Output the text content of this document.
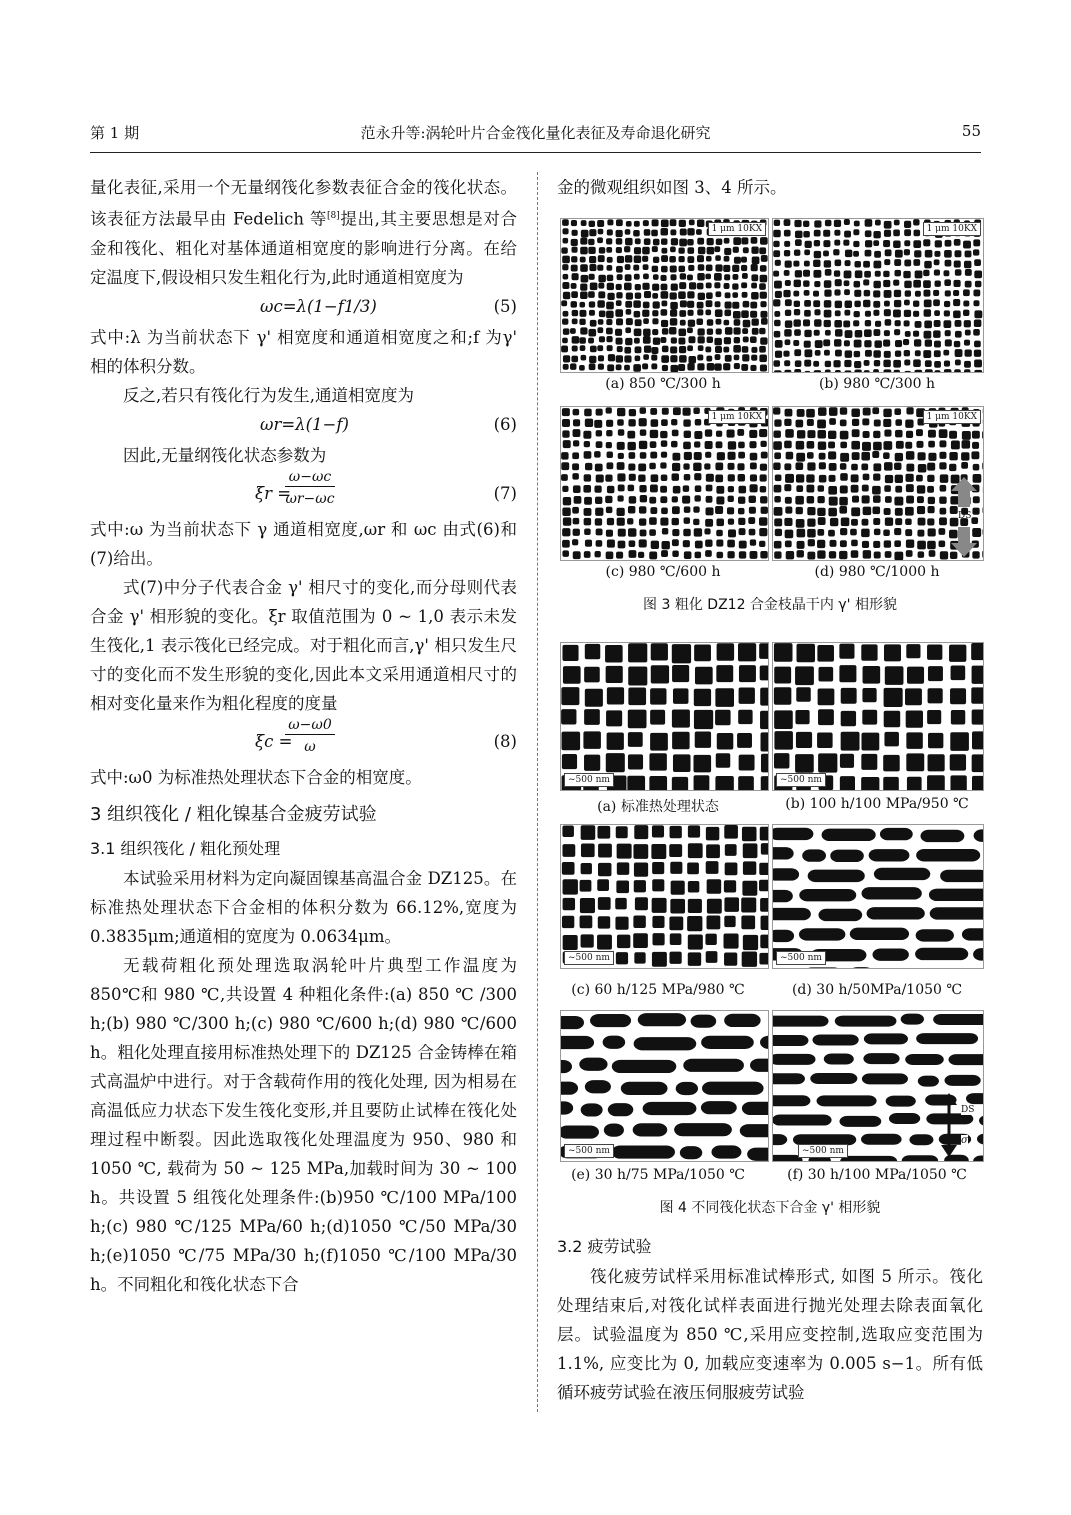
第 1 期	范永升等:涡轮叶片合金筏化量化表征及寿命退化研究	55

量化表征,采用一个无量纲筏化参数表征合金的筏化状态。该表征方法最早由 Fedelich 等[8]提出,其主要思想是对合金和筏化、粗化对基体通道相宽度的影响进行分离。在给定温度下,假设相只发生粗化行为,此时通道相宽度为

ωc=λ(1−f1/3)	(5)

式中:λ 为当前状态下 γ' 相宽度和通道相宽度之和;f 为γ' 相的体积分数。

反之,若只有筏化行为发生,通道相宽度为

ωr=λ(1−f)	(6)

因此,无量纲筏化状态参数为

ξr =
ω−ωc
ωr−ωc	(7)

式中:ω 为当前状态下 γ 通道相宽度,ωr 和 ωc 由式(6)和(7)给出。

式(7)中分子代表合金 γ' 相尺寸的变化,而分母则代表合金 γ' 相形貌的变化。ξr 取值范围为 0 ~ 1,0 表示未发生筏化,1 表示筏化已经完成。对于粗化而言,γ' 相只发生尺寸的变化而不发生形貌的变化,因此本文采用通道相尺寸的相对变化量来作为粗化程度的度量

ξc =
ω−ω0
ω	(8)

式中:ω0 为标准热处理状态下合金的相宽度。

3 组织筏化 / 粗化镍基合金疲劳试验
3.1 组织筏化 / 粗化预处理

本试验采用材料为定向凝固镍基高温合金 DZ125。在标准热处理状态下合金相的体积分数为 66.12%,宽度为 0.3835μm;通道相的宽度为 0.0634μm。

无载荷粗化预处理选取涡轮叶片典型工作温度为 850℃和 980 ℃,共设置 4 种粗化条件:(a) 850 ℃ /300 h;(b) 980 ℃/300 h;(c) 980 ℃/600 h;(d) 980 ℃/600 h。粗化处理直接用标准热处理下的 DZ125 合金铸棒在箱式高温炉中进行。对于含载荷作用的筏化处理, 因为相易在高温低应力状态下发生筏化变形,并且要防止试棒在筏化处理过程中断裂。因此选取筏化处理温度为 950、980 和 1050 ℃, 载荷为 50 ~ 125 MPa,加载时间为 30 ~ 100 h。共设置 5 组筏化处理条件:(b)950 ℃/100 MPa/100 h;(c) 980 ℃/125 MPa/60 h;(d)1050 ℃/50 MPa/30 h;(e)1050 ℃/75 MPa/30 h;(f)1050 ℃/100 MPa/30 h。不同粗化和筏化状态下合

金的微观组织如图 3、4 所示。

1 μm 10KX	1 μm 10KX
(a) 850 ℃/300 h	(b) 980 ℃/300 h
1 μm 10KX	1 μm 10KX
DS
(c) 980 ℃/600 h	(d) 980 ℃/1000 h
图 3 粗化 DZ12 合金枝晶干内 γ' 相形貌
~500 nm	~500 nm
(a) 标准热处理状态	(b) 100 h/100 MPa/950 ℃
~500 nm	~500 nm
(c) 60 h/125 MPa/980 ℃	(d) 30 h/50MPa/1050 ℃
~500 nm	~500 nm
DS
σ
(e) 30 h/75 MPa/1050 ℃	(f) 30 h/100 MPa/1050 ℃
图 4 不同筏化状态下合金 γ' 相形貌
3.2 疲劳试验

筏化疲劳试样采用标准试棒形式, 如图 5 所示。筏化处理结束后,对筏化试样表面进行抛光处理去除表面氧化层。试验温度为 850 ℃,采用应变控制,选取应变范围为 1.1%, 应变比为 0, 加载应变速率为 0.005 s−1。所有低循环疲劳试验在液压伺服疲劳试验
